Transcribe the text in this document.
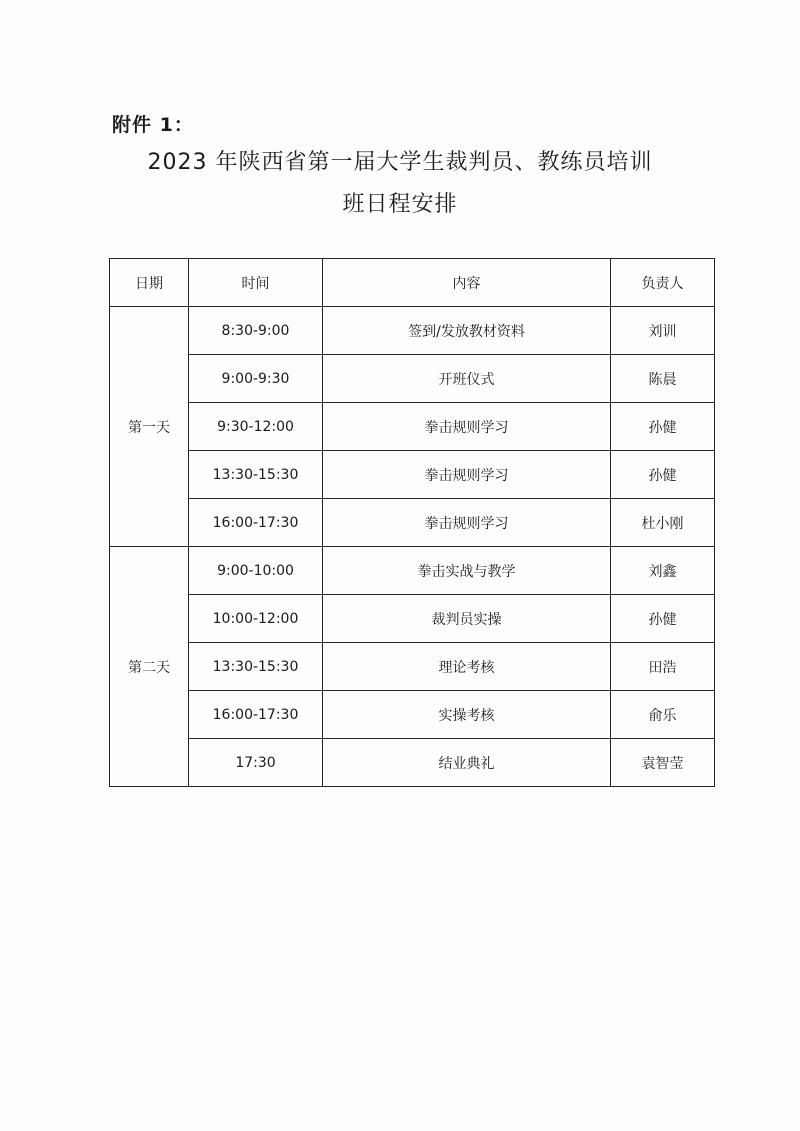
附件 1：
2023 年陕西省第一届大学生裁判员、教练员培训
班日程安排
日期	时间	内容	负责人
第一天	8:30-9:00	签到/发放教材资料	刘训
	9:00-9:30	开班仪式	陈晨
	9:30-12:00	拳击规则学习	孙健
	13:30-15:30	拳击规则学习	孙健
	16:00-17:30	拳击规则学习	杜小刚
第二天	9:00-10:00	拳击实战与教学	刘鑫
	10:00-12:00	裁判员实操	孙健
	13:30-15:30	理论考核	田浩
	16:00-17:30	实操考核	俞乐
	17:30	结业典礼	袁智莹
